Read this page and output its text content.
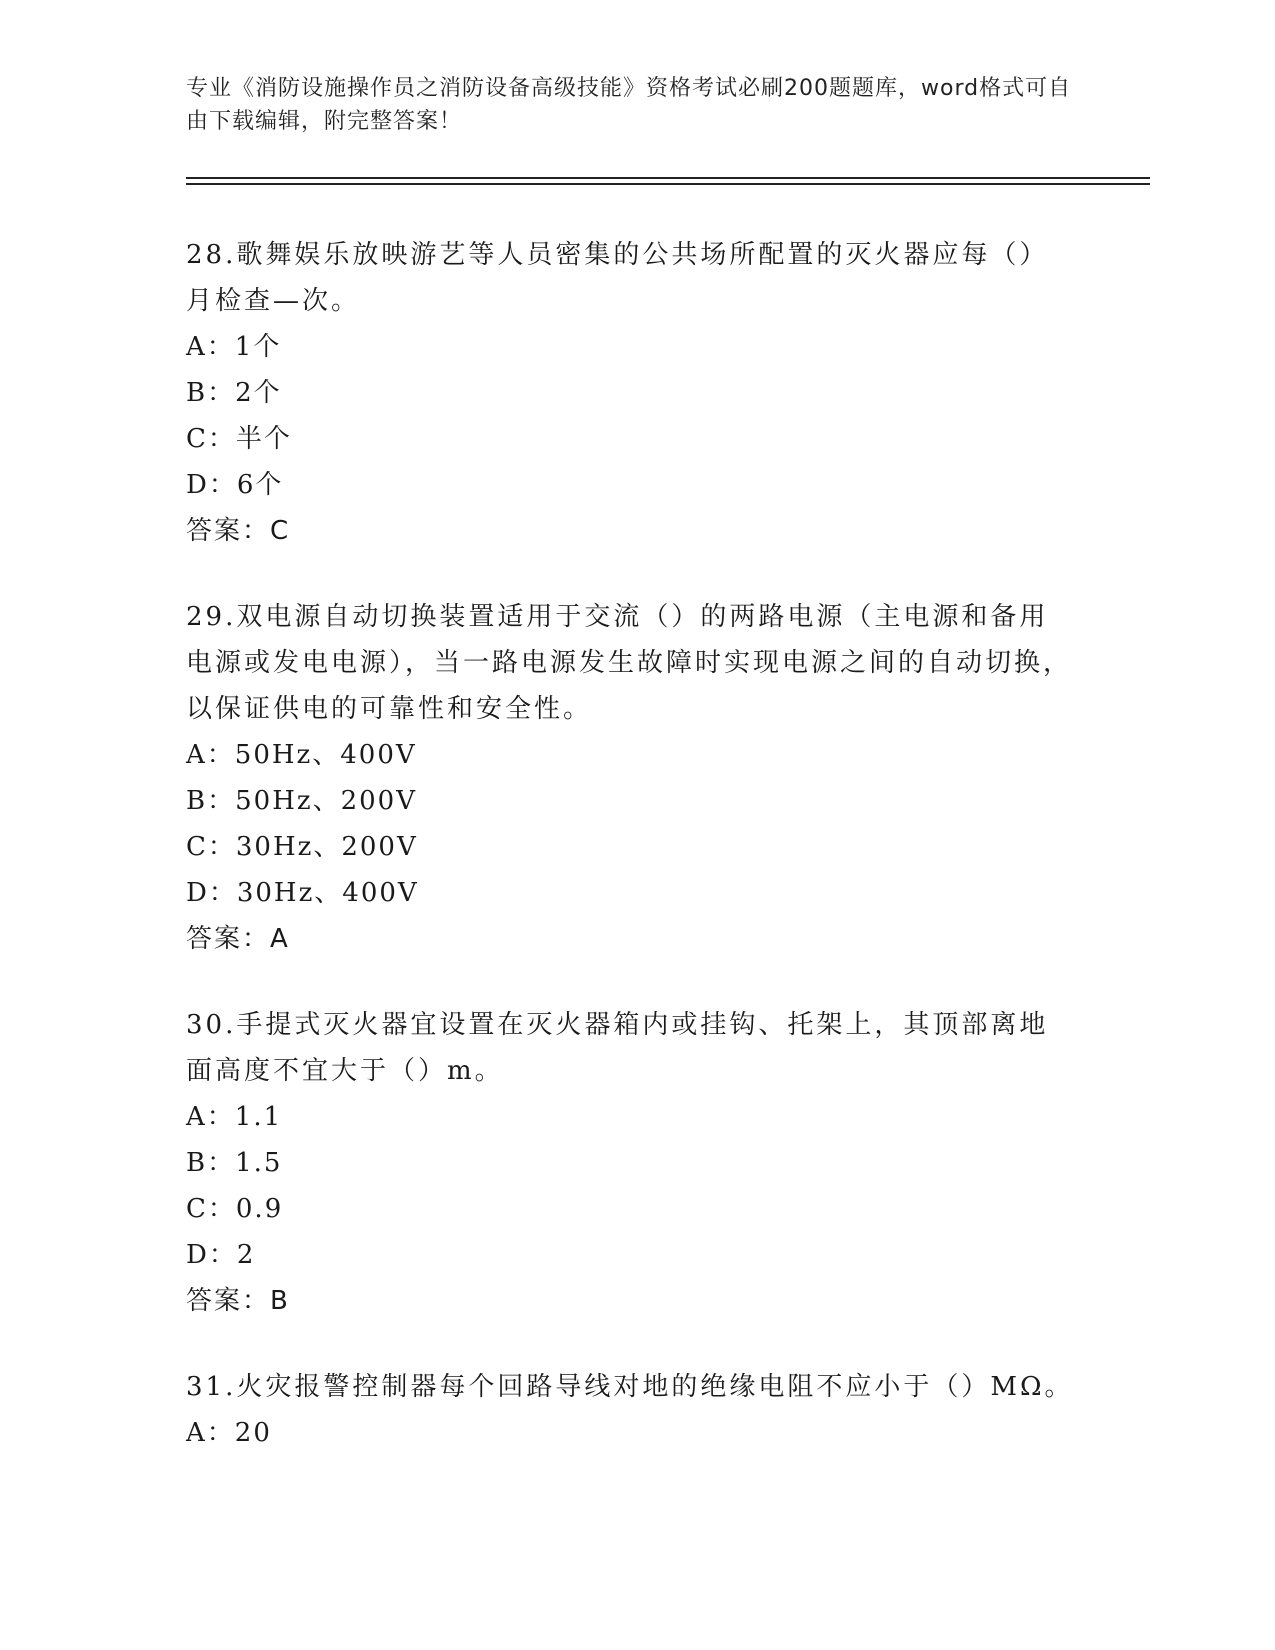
专业《消防设施操作员之消防设备高级技能》资格考试必刷200题题库，word格式可自由下载编辑，附完整答案！
28.歌舞娱乐放映游艺等人员密集的公共场所配置的灭火器应每（）月检查—次。
A：1个
B：2个
C：半个
D：6个
答案：C
29.双电源自动切换装置适用于交流（）的两路电源（主电源和备用电源或发电电源），当一路电源发生故障时实现电源之间的自动切换，以保证供电的可靠性和安全性。
A：50Hz、400V
B：50Hz、200V
C：30Hz、200V
D：30Hz、400V
答案：A
30.手提式灭火器宜设置在灭火器箱内或挂钩、托架上，其顶部离地面高度不宜大于（）m。
A：1.1
B：1.5
C：0.9
D：2
答案：B
31.火灾报警控制器每个回路导线对地的绝缘电阻不应小于（）MΩ。
A：20
